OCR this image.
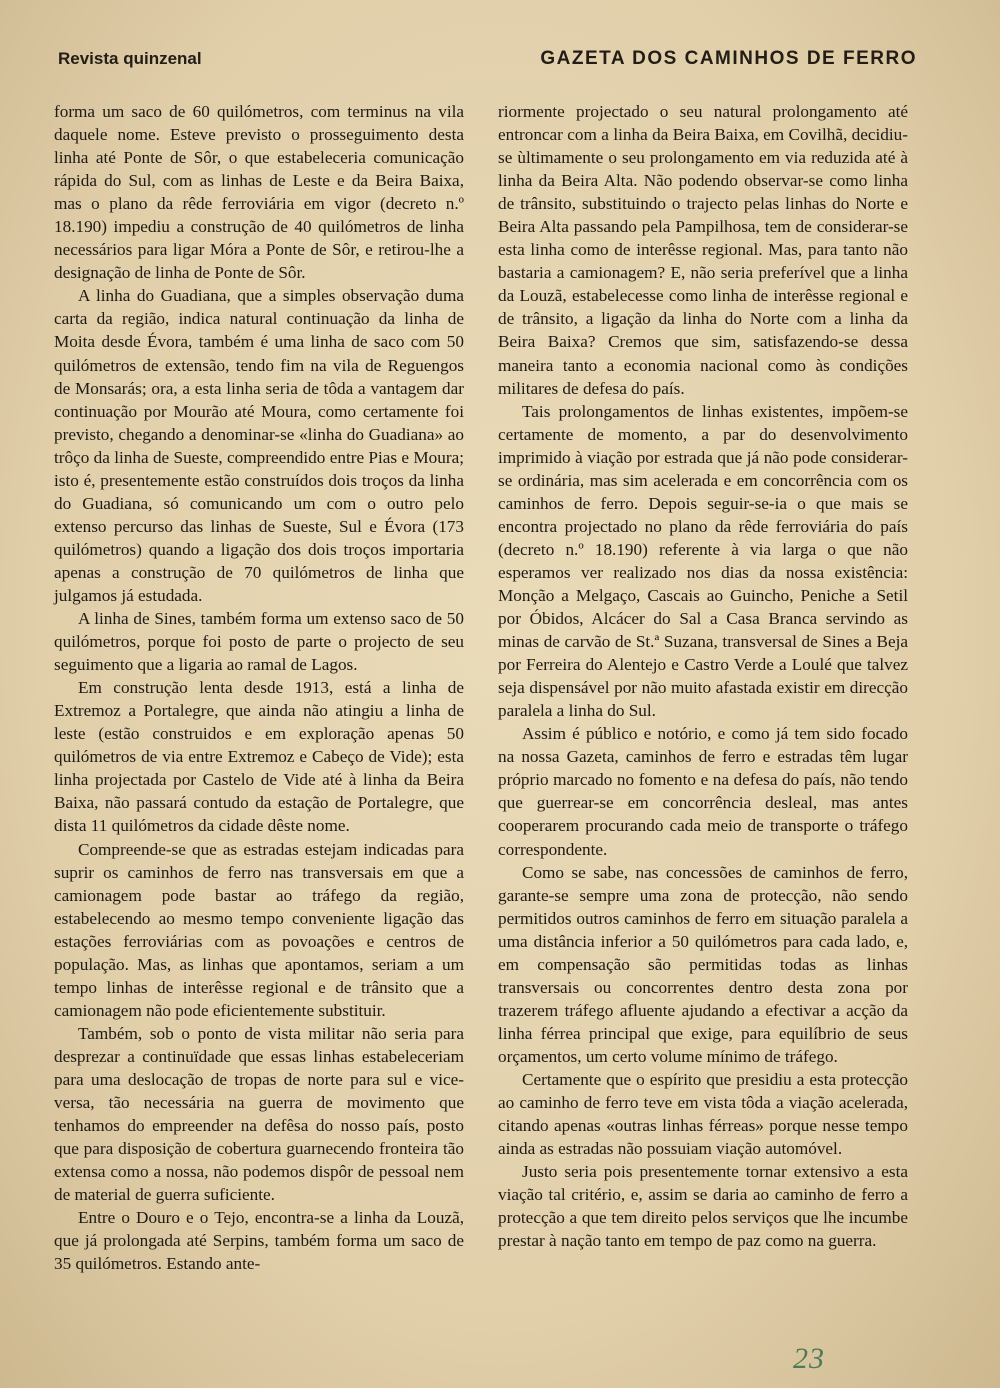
Revista quinzenal	GAZETA DOS CAMINHOS DE FERRO

forma um saco de 60 quilómetros, com terminus na vila daquele nome. Esteve previsto o prosseguimento desta linha até Ponte de Sôr, o que estabeleceria comunicação rápida do Sul, com as linhas de Leste e da Beira Baixa, mas o plano da rêde ferroviária em vigor (decreto n.º 18.190) impediu a construção de 40 quilómetros de linha necessários para ligar Móra a Ponte de Sôr, e retirou-lhe a designação de linha de Ponte de Sôr.

A linha do Guadiana, que a simples observação duma carta da região, indica natural continuação da linha de Moita desde Évora, também é uma linha de saco com 50 quilómetros de extensão, tendo fim na vila de Reguengos de Monsarás; ora, a esta linha seria de tôda a vantagem dar continuação por Mourão até Moura, como certamente foi previsto, chegando a denominar-se «linha do Guadiana» ao trôço da linha de Sueste, compreendido entre Pias e Moura; isto é, presentemente estão construídos dois troços da linha do Guadiana, só comunicando um com o outro pelo extenso percurso das linhas de Sueste, Sul e Évora (173 quilómetros) quando a ligação dos dois troços importaria apenas a construção de 70 quilómetros de linha que julgamos já estudada.

A linha de Sines, também forma um extenso saco de 50 quilómetros, porque foi posto de parte o projecto de seu seguimento que a ligaria ao ramal de Lagos.

Em construção lenta desde 1913, está a linha de Extremoz a Portalegre, que ainda não atingiu a linha de leste (estão construidos e em exploração apenas 50 quilómetros de via entre Extremoz e Cabeço de Vide); esta linha projectada por Castelo de Vide até à linha da Beira Baixa, não passará contudo da estação de Portalegre, que dista 11 quilómetros da cidade dêste nome.

Compreende-se que as estradas estejam indicadas para suprir os caminhos de ferro nas transversais em que a camionagem pode bastar ao tráfego da região, estabelecendo ao mesmo tempo conveniente ligação das estações ferroviárias com as povoações e centros de população. Mas, as linhas que apontamos, seriam a um tempo linhas de interêsse regional e de trânsito que a camionagem não pode eficientemente substituir.

Também, sob o ponto de vista militar não seria para desprezar a continuïdade que essas linhas estabeleceriam para uma deslocação de tropas de norte para sul e vice-versa, tão necessária na guerra de movimento que tenhamos do empreender na defêsa do nosso país, posto que para disposição de cobertura guarnecendo fronteira tão extensa como a nossa, não podemos dispôr de pessoal nem de material de guerra suficiente.

Entre o Douro e o Tejo, encontra-se a linha da Louzã, que já prolongada até Serpins, também forma um saco de 35 quilómetros. Estando ante-

riormente projectado o seu natural prolongamento até entroncar com a linha da Beira Baixa, em Covilhã, decidiu-se ùltimamente o seu prolongamento em via reduzida até à linha da Beira Alta. Não podendo observar-se como linha de trânsito, substituindo o trajecto pelas linhas do Norte e Beira Alta passando pela Pampilhosa, tem de considerar-se esta linha como de interêsse regional. Mas, para tanto não bastaria a camionagem? E, não seria preferível que a linha da Louzã, estabelecesse como linha de interêsse regional e de trânsito, a ligação da linha do Norte com a linha da Beira Baixa? Cremos que sim, satisfazendo-se dessa maneira tanto a economia nacional como às condições militares de defesa do país.

Tais prolongamentos de linhas existentes, impõem-se certamente de momento, a par do desenvolvimento imprimido à viação por estrada que já não pode considerar-se ordinária, mas sim acelerada e em concorrência com os caminhos de ferro. Depois seguir-se-ia o que mais se encontra projectado no plano da rêde ferroviária do país (decreto n.º 18.190) referente à via larga o que não esperamos ver realizado nos dias da nossa existência: Monção a Melgaço, Cascais ao Guincho, Peniche a Setil por Óbidos, Alcácer do Sal a Casa Branca servindo as minas de carvão de St.ª Suzana, transversal de Sines a Beja por Ferreira do Alentejo e Castro Verde a Loulé que talvez seja dispensável por não muito afastada existir em direcção paralela a linha do Sul.

Assim é público e notório, e como já tem sido focado na nossa Gazeta, caminhos de ferro e estradas têm lugar próprio marcado no fomento e na defesa do país, não tendo que guerrear-se em concorrência desleal, mas antes cooperarem procurando cada meio de transporte o tráfego correspondente.

Como se sabe, nas concessões de caminhos de ferro, garante-se sempre uma zona de protecção, não sendo permitidos outros caminhos de ferro em situação paralela a uma distância inferior a 50 quilómetros para cada lado, e, em compensação são permitidas todas as linhas transversais ou concorrentes dentro desta zona por trazerem tráfego afluente ajudando a efectivar a acção da linha férrea principal que exige, para equilíbrio de seus orçamentos, um certo volume mínimo de tráfego.

Certamente que o espírito que presidiu a esta protecção ao caminho de ferro teve em vista tôda a viação acelerada, citando apenas «outras linhas férreas» porque nesse tempo ainda as estradas não possuiam viação automóvel.

Justo seria pois presentemente tornar extensivo a esta viação tal critério, e, assim se daria ao caminho de ferro a protecção a que tem direito pelos serviços que lhe incumbe prestar à nação tanto em tempo de paz como na guerra.

23
